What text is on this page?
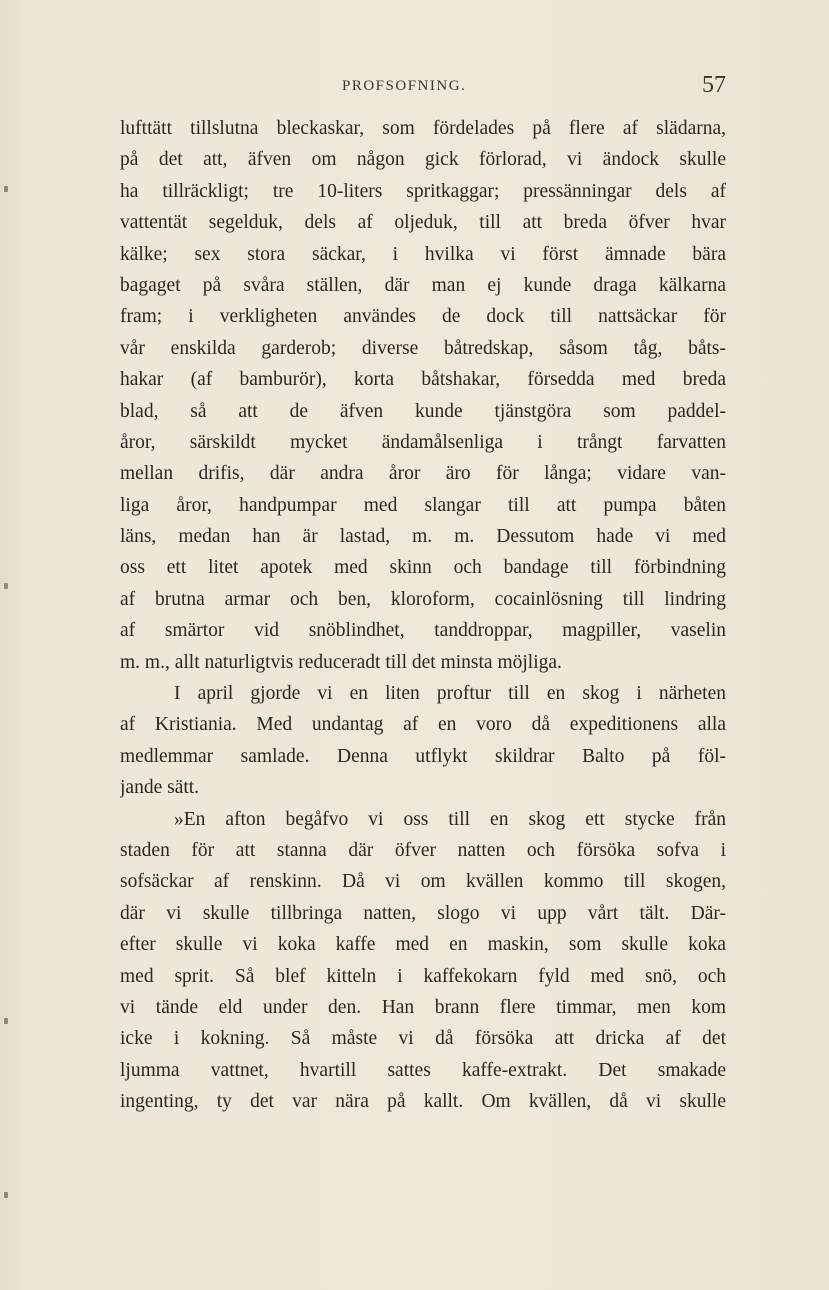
PROFSOFNING.	57
lufttätt tillslutna bleckaskar, som fördelades på flere af slädarna,
på det att, äfven om någon gick förlorad, vi ändock skulle
ha tillräckligt; tre 10-liters spritkaggar; pressänningar dels af
vattentät segelduk, dels af oljeduk, till att breda öfver hvar
kälke; sex stora säckar, i hvilka vi först ämnade bära
bagaget på svåra ställen, där man ej kunde draga kälkarna
fram; i verkligheten användes de dock till nattsäckar för
vår enskilda garderob; diverse båtredskap, såsom tåg, båts-
hakar (af bamburör), korta båtshakar, försedda med breda
blad, så att de äfven kunde tjänstgöra som paddel-
åror, särskildt mycket ändamålsenliga i trångt farvatten
mellan drifis, där andra åror äro för långa; vidare van-
liga åror, handpumpar med slangar till att pumpa båten
läns, medan han är lastad, m. m. Dessutom hade vi med
oss ett litet apotek med skinn och bandage till förbindning
af brutna armar och ben, kloroform, cocainlösning till lindring
af smärtor vid snöblindhet, tanddroppar, magpiller, vaselin
m. m., allt naturligtvis reduceradt till det minsta möjliga.
I april gjorde vi en liten proftur till en skog i närheten
af Kristiania. Med undantag af en voro då expeditionens alla
medlemmar samlade. Denna utflykt skildrar Balto på föl-
jande sätt.
»En afton begåfvo vi oss till en skog ett stycke från
staden för att stanna där öfver natten och försöka sofva i
sofsäckar af renskinn. Då vi om kvällen kommo till skogen,
där vi skulle tillbringa natten, slogo vi upp vårt tält. Där-
efter skulle vi koka kaffe med en maskin, som skulle koka
med sprit. Så blef kitteln i kaffekokarn fyld med snö, och
vi tände eld under den. Han brann flere timmar, men kom
icke i kokning. Så måste vi då försöka att dricka af det
ljumma vattnet, hvartill sattes kaffe-extrakt. Det smakade
ingenting, ty det var nära på kallt. Om kvällen, då vi skulle
